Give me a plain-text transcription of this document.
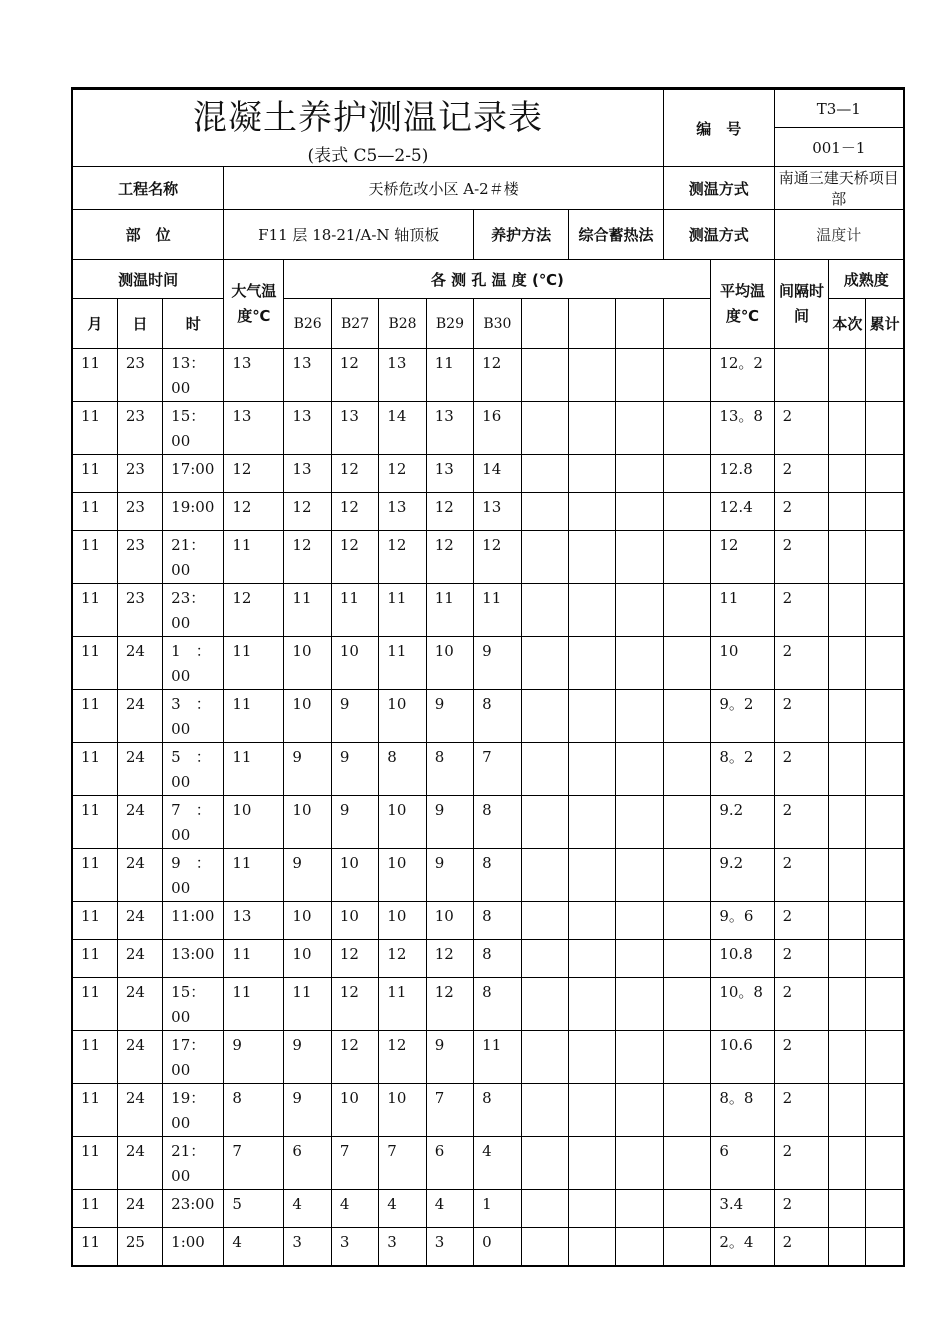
混凝土养护测温记录表
(表式 C5—2-5)												编　号		T3—1		
														001－1		
工程名称			天桥危改小区 A-2＃楼									测温方式		南通三建天桥项目部		
部　位			F11 层 18-21/A-N 轴顶板					养护方法		综合蓄热法		测温方式		温度计		
测温时间			大气温度℃	各 测 孔 温 度 (℃)									平均温度℃	间隔时间	成熟度	
月	日	时		B26	B27	B28	B29	B30							本次	累计
11	23	13：00	13	13	12	13	11	12					12。2			
11	23	15：00	13	13	13	14	13	16					13。8	2		
11	23	17:00	12	13	12	12	13	14					12.8	2		
11	23	19:00	12	12	12	13	12	13					12.4	2		
11	23	21：00	11	12	12	12	12	12					12	2		
11	23	23：00	12	11	11	11	11	11					11	2		
11	24	1　：00	11	10	10	11	10	9					10	2		
11	24	3　：00	11	10	9	10	9	8					9。2	2		
11	24	5　：00	11	9	9	8	8	7					8。2	2		
11	24	7　：00	10	10	9	10	9	8					9.2	2		
11	24	9　：00	11	9	10	10	9	8					9.2	2		
11	24	11:00	13	10	10	10	10	8					9。6	2		
11	24	13:00	11	10	12	12	12	8					10.8	2		
11	24	15：00	11	11	12	11	12	8					10。8	2		
11	24	17：00	9	9	12	12	9	11					10.6	2		
11	24	19：00	8	9	10	10	7	8					8。8	2		
11	24	21：00	7	6	7	7	6	4					6	2		
11	24	23:00	5	4	4	4	4	1					3.4	2		
11	25	1:00	4	3	3	3	3	0					2。4	2		
